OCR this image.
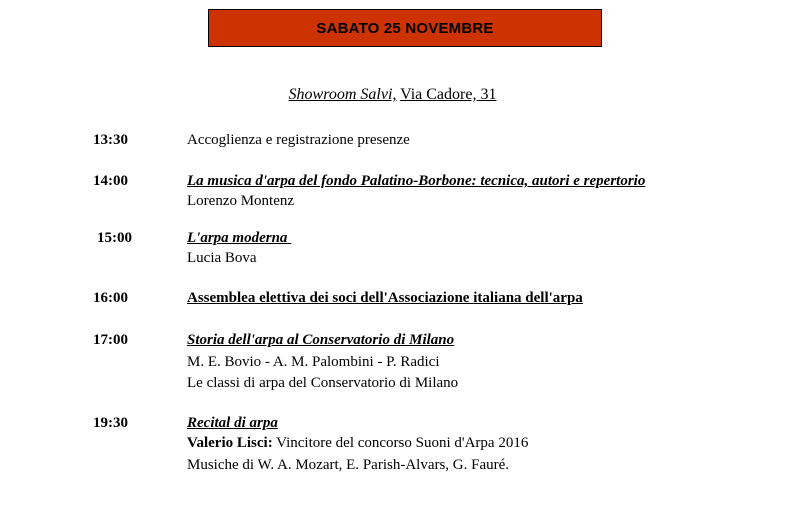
SABATO 25 NOVEMBRE
Showroom Salvi, Via Cadore, 31
13:30	Accoglienza e registrazione presenze
14:00	La musica d'arpa del fondo Palatino-Borbone: tecnica, autori e repertorio
Lorenzo Montenz
15:00	L'arpa moderna
Lucia Bova
16:00	Assemblea elettiva dei soci dell'Associazione italiana dell'arpa
17:00	Storia dell'arpa al Conservatorio di Milano
M. E. Bovio - A. M. Palombini - P. Radici
Le classi di arpa del Conservatorio di Milano
19:30	Recital di arpa
Valerio Lisci: Vincitore del concorso Suoni d'Arpa 2016
Musiche di W. A. Mozart, E. Parish-Alvars, G. Fauré.
